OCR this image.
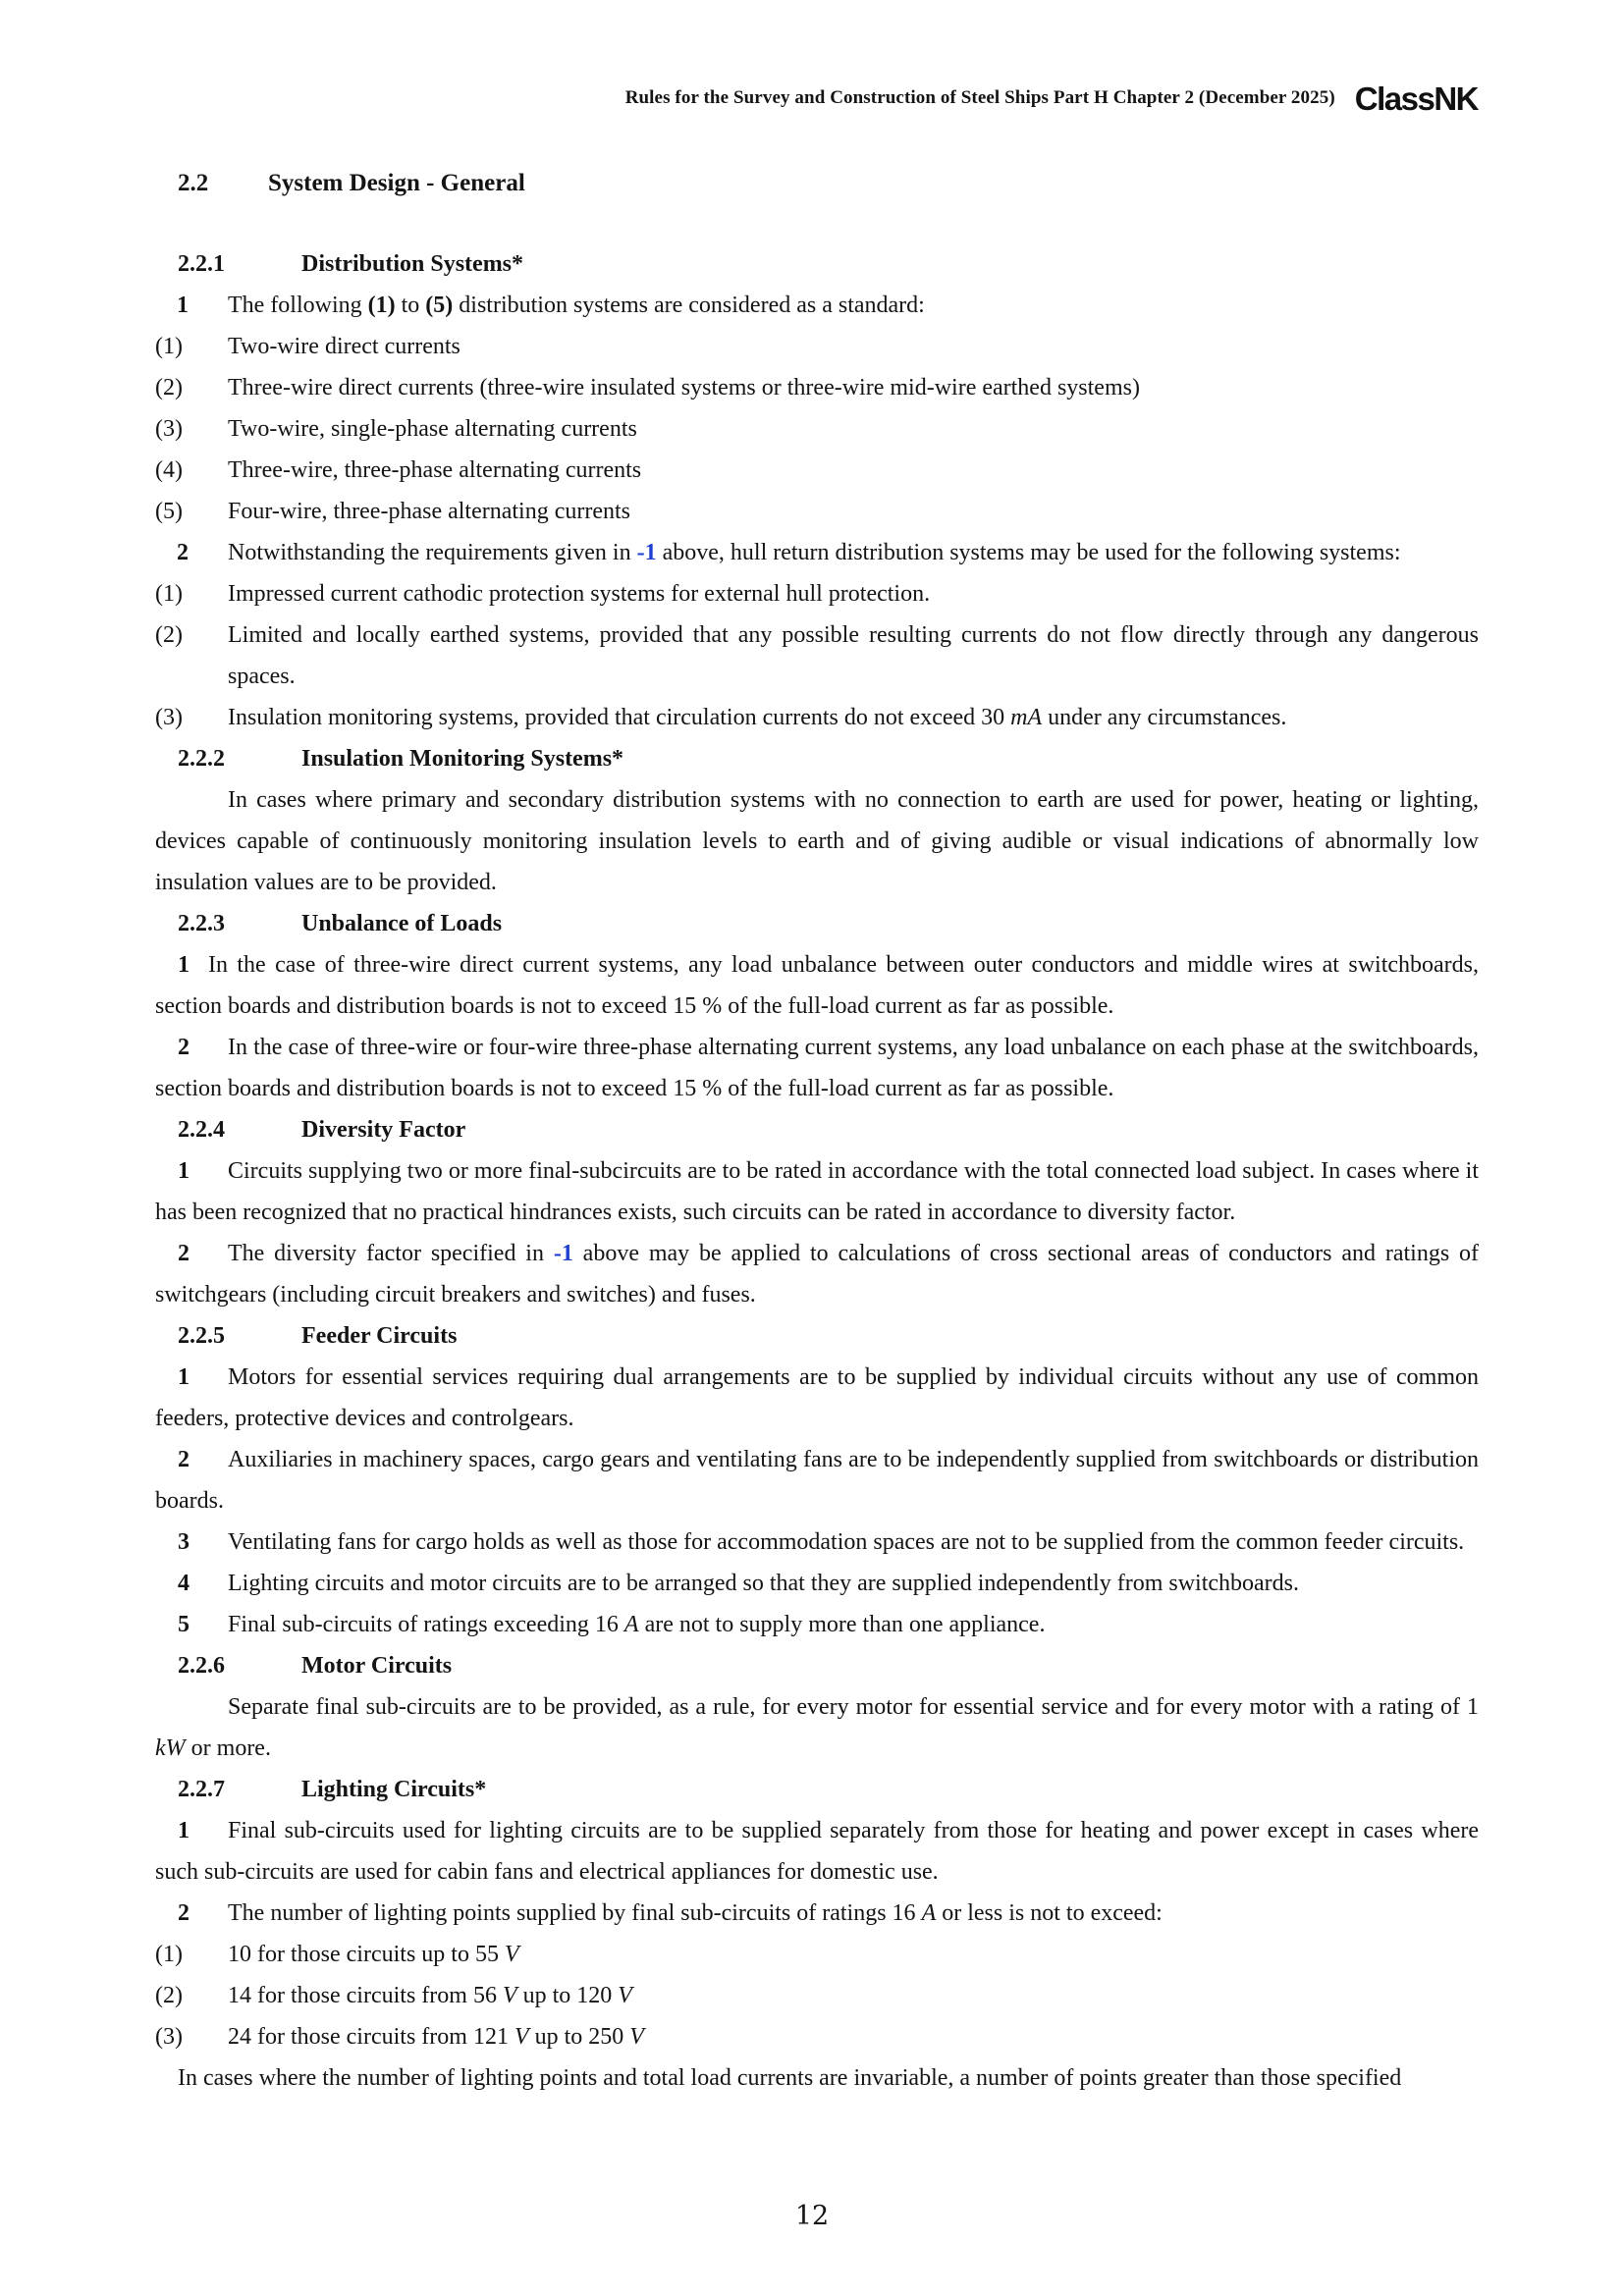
Rules for the Survey and Construction of Steel Ships Part H Chapter 2 (December 2025) ClassNK
2.2 System Design - General
2.2.1	Distribution Systems*
1 The following (1) to (5) distribution systems are considered as a standard:
(1) Two-wire direct currents
(2) Three-wire direct currents (three-wire insulated systems or three-wire mid-wire earthed systems)
(3) Two-wire, single-phase alternating currents
(4) Three-wire, three-phase alternating currents
(5) Four-wire, three-phase alternating currents
2 Notwithstanding the requirements given in -1 above, hull return distribution systems may be used for the following systems:
(1) Impressed current cathodic protection systems for external hull protection.
(2) Limited and locally earthed systems, provided that any possible resulting currents do not flow directly through any dangerous spaces.
(3) Insulation monitoring systems, provided that circulation currents do not exceed 30 mA under any circumstances.
2.2.2	Insulation Monitoring Systems*
In cases where primary and secondary distribution systems with no connection to earth are used for power, heating or lighting, devices capable of continuously monitoring insulation levels to earth and of giving audible or visual indications of abnormally low insulation values are to be provided.
2.2.3	Unbalance of Loads
1 In the case of three-wire direct current systems, any load unbalance between outer conductors and middle wires at switchboards, section boards and distribution boards is not to exceed 15 % of the full-load current as far as possible.
2 In the case of three-wire or four-wire three-phase alternating current systems, any load unbalance on each phase at the switchboards, section boards and distribution boards is not to exceed 15 % of the full-load current as far as possible.
2.2.4	Diversity Factor
1 Circuits supplying two or more final-subcircuits are to be rated in accordance with the total connected load subject. In cases where it has been recognized that no practical hindrances exists, such circuits can be rated in accordance to diversity factor.
2 The diversity factor specified in -1 above may be applied to calculations of cross sectional areas of conductors and ratings of switchgears (including circuit breakers and switches) and fuses.
2.2.5	Feeder Circuits
1 Motors for essential services requiring dual arrangements are to be supplied by individual circuits without any use of common feeders, protective devices and controlgears.
2 Auxiliaries in machinery spaces, cargo gears and ventilating fans are to be independently supplied from switchboards or distribution boards.
3 Ventilating fans for cargo holds as well as those for accommodation spaces are not to be supplied from the common feeder circuits.
4 Lighting circuits and motor circuits are to be arranged so that they are supplied independently from switchboards.
5 Final sub-circuits of ratings exceeding 16 A are not to supply more than one appliance.
2.2.6	Motor Circuits
Separate final sub-circuits are to be provided, as a rule, for every motor for essential service and for every motor with a rating of 1 kW or more.
2.2.7	Lighting Circuits*
1 Final sub-circuits used for lighting circuits are to be supplied separately from those for heating and power except in cases where such sub-circuits are used for cabin fans and electrical appliances for domestic use.
2 The number of lighting points supplied by final sub-circuits of ratings 16 A or less is not to exceed:
(1) 10 for those circuits up to 55 V
(2) 14 for those circuits from 56 V up to 120 V
(3) 24 for those circuits from 121 V up to 250 V
In cases where the number of lighting points and total load currents are invariable, a number of points greater than those specified
12
